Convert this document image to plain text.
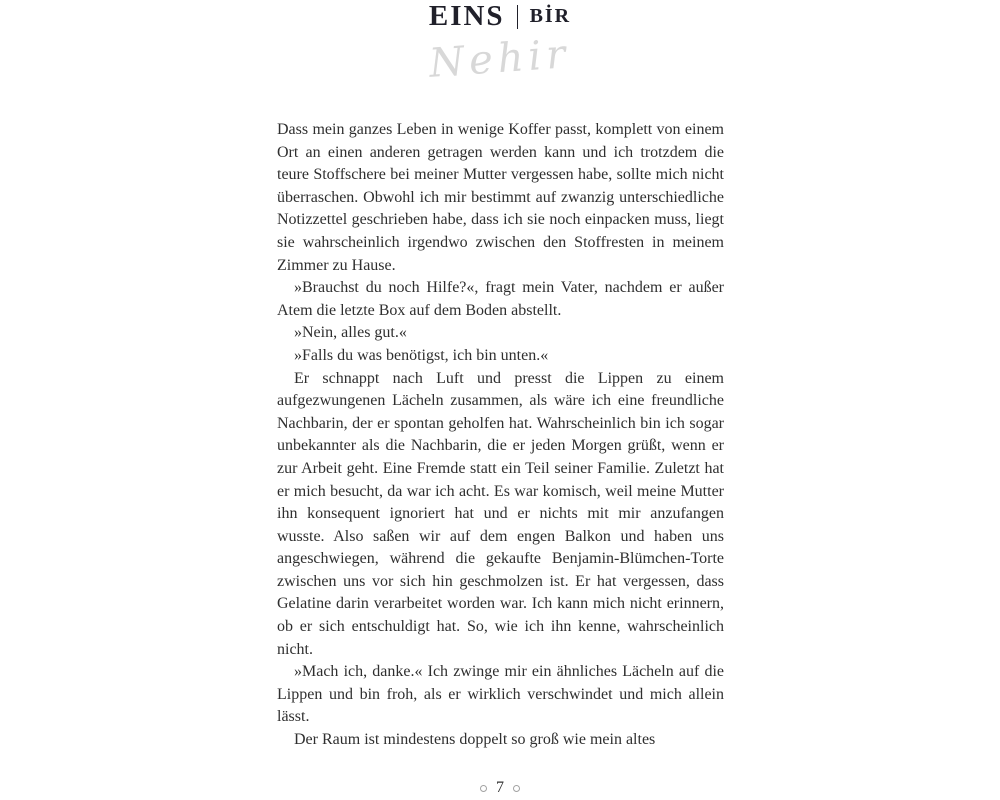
EINS BİR
Nehir

Dass mein ganzes Leben in wenige Koffer passt, komplett von einem Ort an einen anderen getragen werden kann und ich trotzdem die teure Stoffschere bei meiner Mutter vergessen habe, sollte mich nicht überraschen. Obwohl ich mir bestimmt auf zwanzig unterschiedliche Notizzettel geschrieben habe, dass ich sie noch einpacken muss, liegt sie wahrscheinlich irgendwo zwischen den Stoffresten in meinem Zimmer zu Hause.

»Brauchst du noch Hilfe?«, fragt mein Vater, nachdem er außer Atem die letzte Box auf dem Boden abstellt.

»Nein, alles gut.«

»Falls du was benötigst, ich bin unten.«

Er schnappt nach Luft und presst die Lippen zu einem aufgezwungenen Lächeln zusammen, als wäre ich eine freundliche Nachbarin, der er spontan geholfen hat. Wahrscheinlich bin ich sogar unbekannter als die Nachbarin, die er jeden Morgen grüßt, wenn er zur Arbeit geht. Eine Fremde statt ein Teil seiner Familie. Zuletzt hat er mich besucht, da war ich acht. Es war komisch, weil meine Mutter ihn konsequent ignoriert hat und er nichts mit mir anzufangen wusste. Also saßen wir auf dem engen Balkon und haben uns angeschwiegen, während die gekaufte Benjamin-Blümchen-Torte zwischen uns vor sich hin geschmolzen ist. Er hat vergessen, dass Gelatine darin verarbeitet worden war. Ich kann mich nicht erinnern, ob er sich entschuldigt hat. So, wie ich ihn kenne, wahrscheinlich nicht.

»Mach ich, danke.« Ich zwinge mir ein ähnliches Lächeln auf die Lippen und bin froh, als er wirklich verschwindet und mich allein lässt.

Der Raum ist mindestens doppelt so groß wie mein altes

7
